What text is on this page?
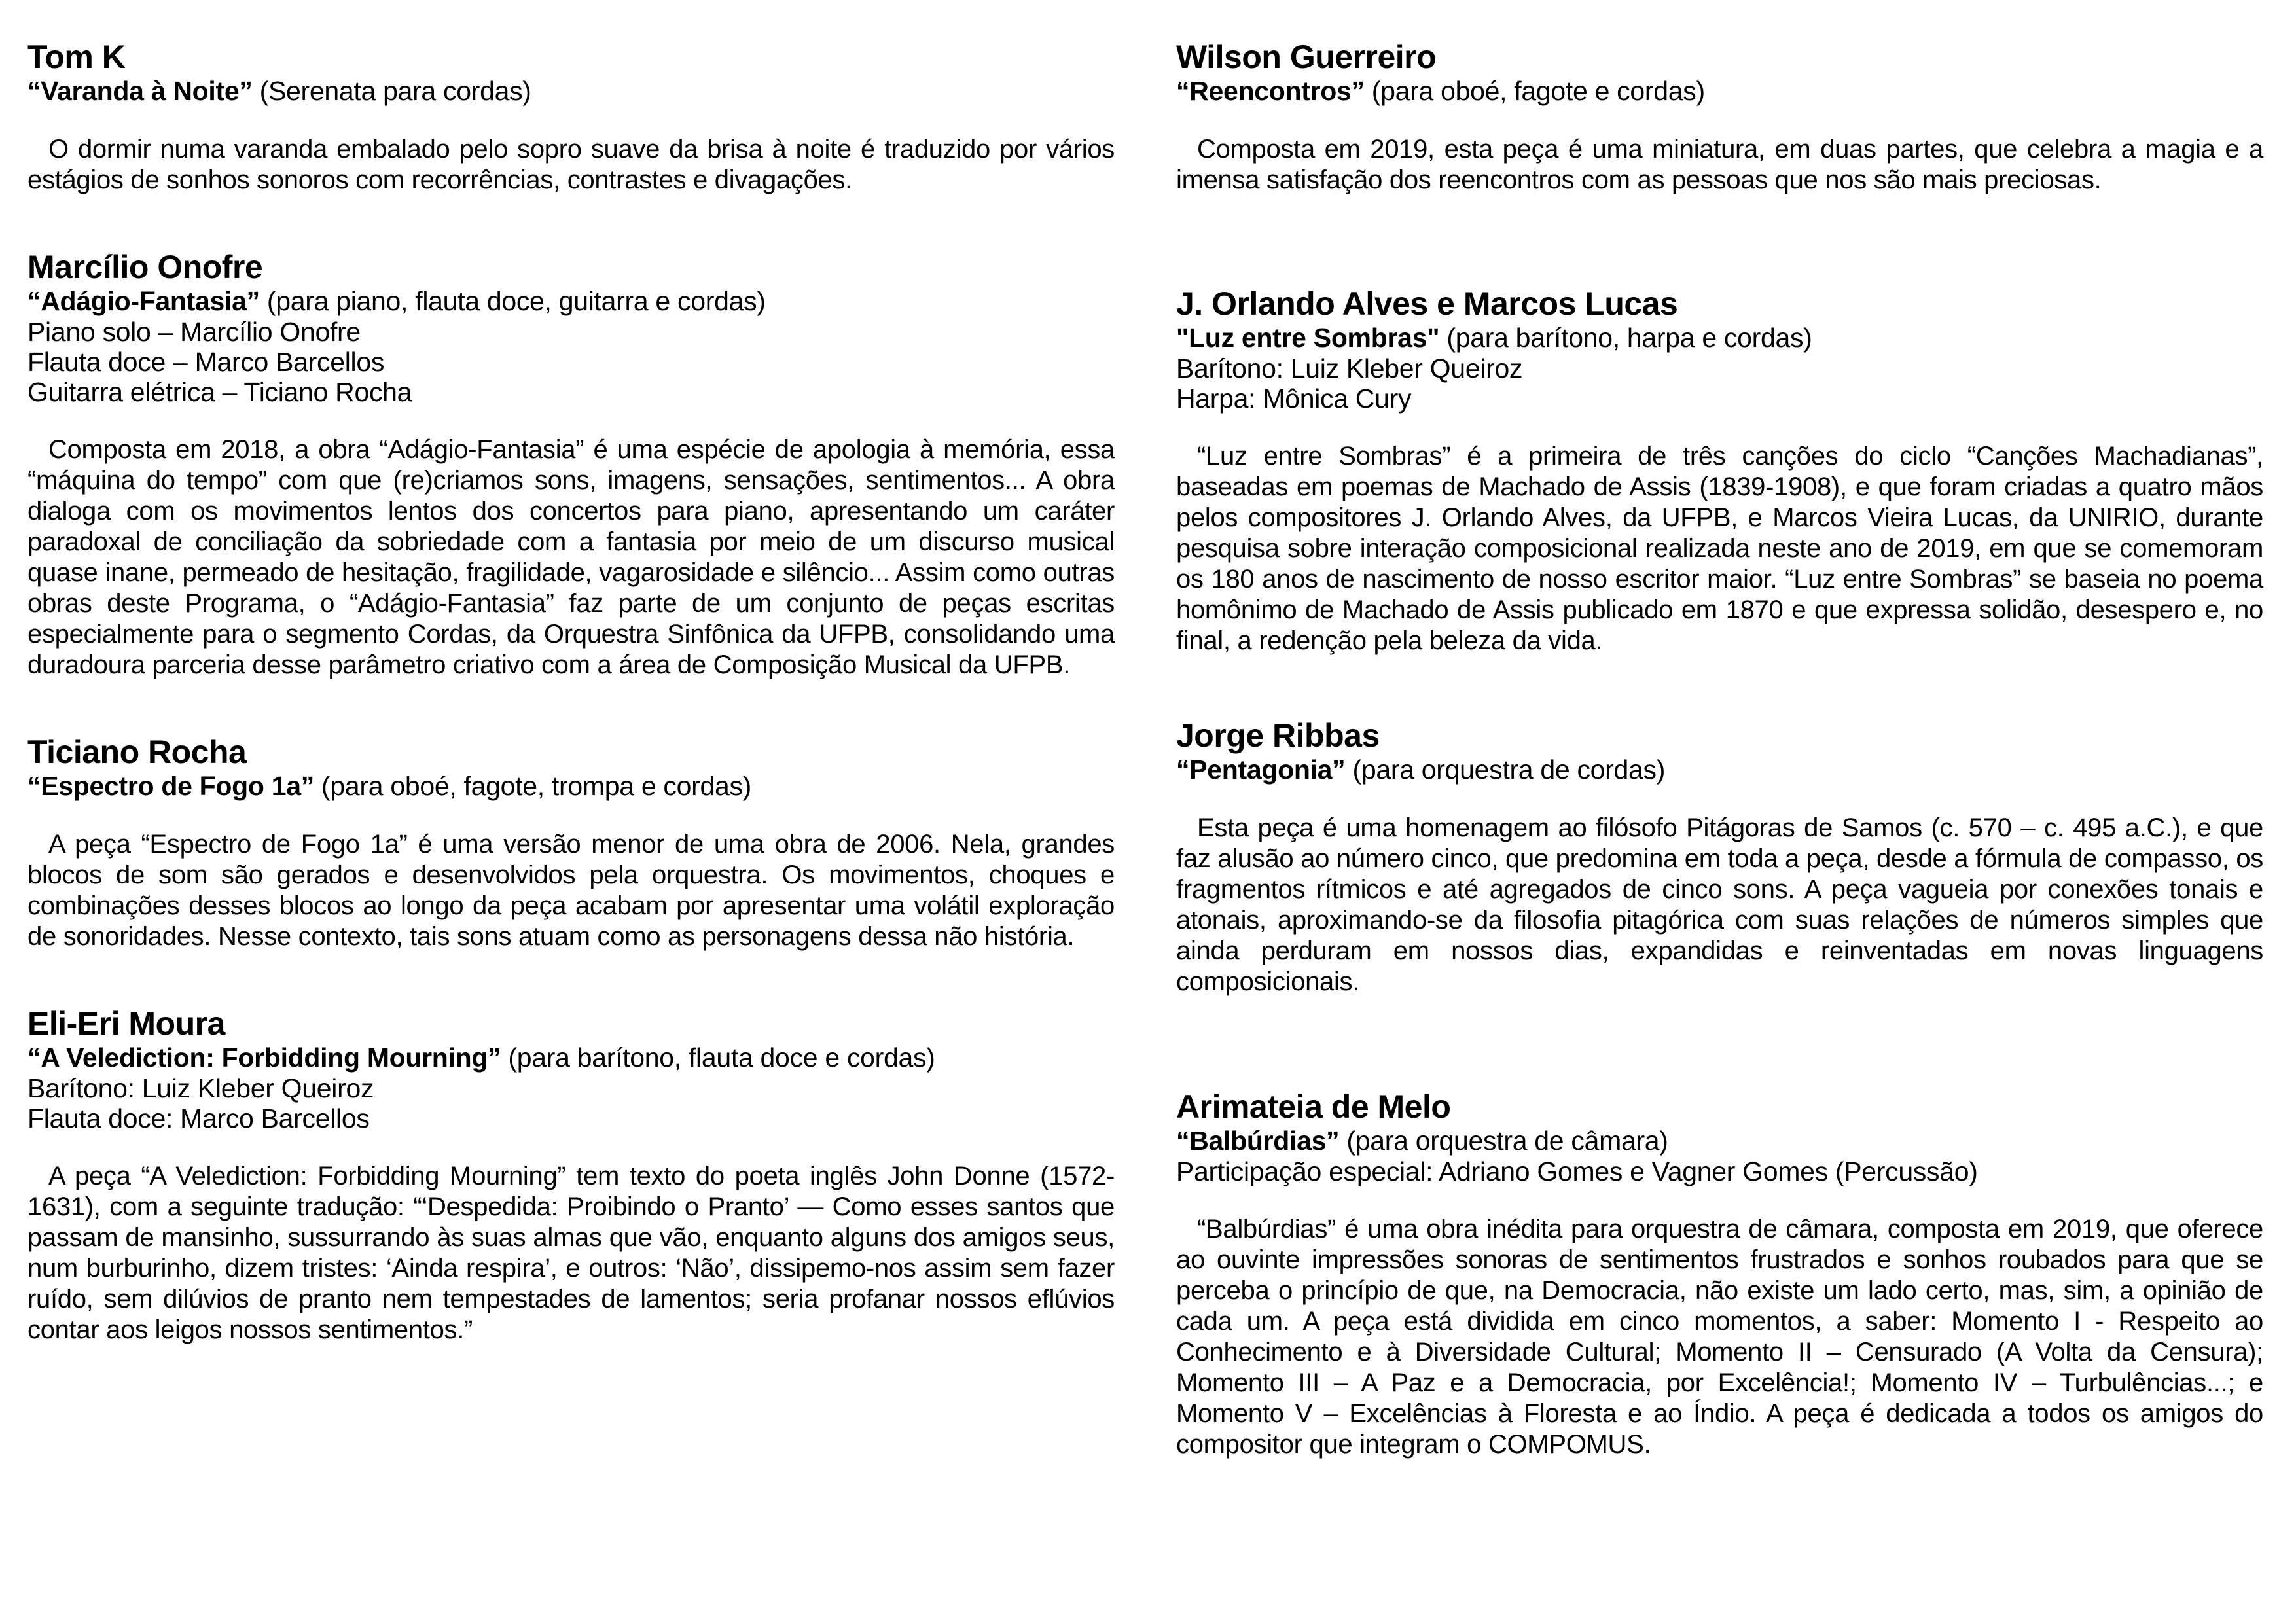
Tom K

“Varanda à Noite” (Serenata para cordas)

O dormir numa varanda embalado pelo sopro suave da brisa à noite é traduzido por vários estágios de sonhos sonoros com recorrências, contrastes e divagações.

Marcílio Onofre

“Adágio-Fantasia” (para piano, flauta doce, guitarra e cordas)

Piano solo – Marcílio Onofre

Flauta doce – Marco Barcellos

Guitarra elétrica – Ticiano Rocha

Composta em 2018, a obra “Adágio-Fantasia” é uma espécie de apologia à memória, essa “máquina do tempo” com que (re)criamos sons, imagens, sensações, sentimentos... A obra dialoga com os movimentos lentos dos concertos para piano, apresentando um caráter paradoxal de conciliação da sobriedade com a fantasia por meio de um discurso musical quase inane, permeado de hesitação, fragilidade, vagarosidade e silêncio... Assim como outras obras deste Programa, o “Adágio-Fantasia” faz parte de um conjunto de peças escritas especialmente para o segmento Cordas, da Orquestra Sinfônica da UFPB, consolidando uma duradoura parceria desse parâmetro criativo com a área de Composição Musical da UFPB.

Ticiano Rocha

“Espectro de Fogo 1a” (para oboé, fagote, trompa e cordas)

A peça “Espectro de Fogo 1a” é uma versão menor de uma obra de 2006. Nela, grandes blocos de som são gerados e desenvolvidos pela orquestra. Os movimentos, choques e combinações desses blocos ao longo da peça acabam por apresentar uma volátil exploração de sonoridades. Nesse contexto, tais sons atuam como as personagens dessa não história.

Eli-Eri Moura

“A Velediction: Forbidding Mourning” (para barítono, flauta doce e cordas)

Barítono: Luiz Kleber Queiroz

Flauta doce: Marco Barcellos

A peça “A Velediction: Forbidding Mourning” tem texto do poeta inglês John Donne (1572-1631), com a seguinte tradução: “‘Despedida: Proibindo o Pranto’ — Como esses santos que passam de mansinho, sussurrando às suas almas que vão, enquanto alguns dos amigos seus, num burburinho, dizem tristes: ‘Ainda respira’, e outros: ‘Não’, dissipemo-nos assim sem fazer ruído, sem dilúvios de pranto nem tempestades de lamentos; seria profanar nossos eflúvios contar aos leigos nossos sentimentos.”

Wilson Guerreiro

“Reencontros” (para oboé, fagote e cordas)

Composta em 2019, esta peça é uma miniatura, em duas partes, que celebra a magia e a imensa satisfação dos reencontros com as pessoas que nos são mais preciosas.

J. Orlando Alves e Marcos Lucas

"Luz entre Sombras" (para barítono, harpa e cordas)

Barítono: Luiz Kleber Queiroz

Harpa: Mônica Cury

“Luz entre Sombras” é a primeira de três canções do ciclo “Canções Machadianas”, baseadas em poemas de Machado de Assis (1839-1908), e que foram criadas a quatro mãos pelos compositores J. Orlando Alves, da UFPB, e Marcos Vieira Lucas, da UNIRIO, durante pesquisa sobre interação composicional realizada neste ano de 2019, em que se comemoram os 180 anos de nascimento de nosso escritor maior. “Luz entre Sombras” se baseia no poema homônimo de Machado de Assis publicado em 1870 e que expressa solidão, desespero e, no final, a redenção pela beleza da vida.

Jorge Ribbas

“Pentagonia” (para orquestra de cordas)

Esta peça é uma homenagem ao filósofo Pitágoras de Samos (c. 570 – c. 495 a.C.), e que faz alusão ao número cinco, que predomina em toda a peça, desde a fórmula de compasso, os fragmentos rítmicos e até agregados de cinco sons. A peça vagueia por conexões tonais e atonais, aproximando-se da filosofia pitagórica com suas relações de números simples que ainda perduram em nossos dias, expandidas e reinventadas em novas linguagens composicionais.

Arimateia de Melo

“Balbúrdias” (para orquestra de câmara)

Participação especial: Adriano Gomes e Vagner Gomes (Percussão)

“Balbúrdias” é uma obra inédita para orquestra de câmara, composta em 2019, que oferece ao ouvinte impressões sonoras de sentimentos frustrados e sonhos roubados para que se perceba o princípio de que, na Democracia, não existe um lado certo, mas, sim, a opinião de cada um. A peça está dividida em cinco momentos, a saber: Momento I - Respeito ao Conhecimento e à Diversidade Cultural; Momento II – Censurado (A Volta da Censura); Momento III – A Paz e a Democracia, por Excelência!; Momento IV – Turbulências...; e Momento V – Excelências à Floresta e ao Índio. A peça é dedicada a todos os amigos do compositor que integram o COMPOMUS.
